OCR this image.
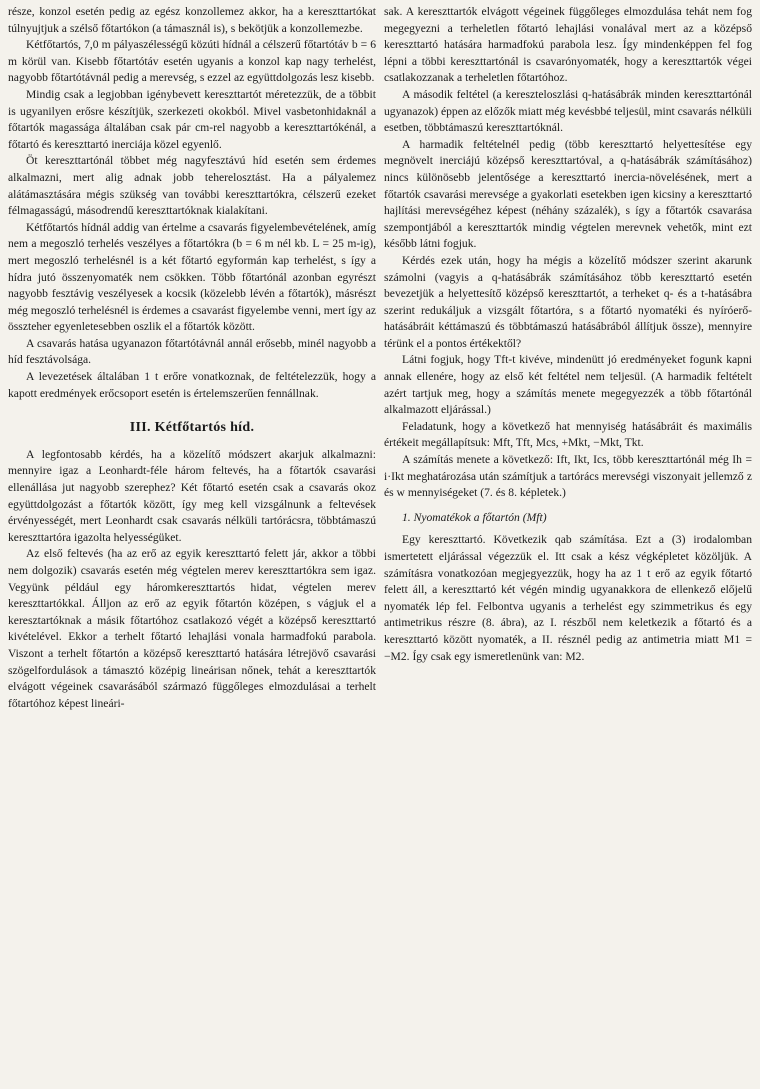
része, konzol esetén pedig az egész konzollemez akkor, ha a kereszttartókat túlnyujtjuk a szélső főtartókon (a támasznál is), s bekötjük a konzollemezbe.

Kétfőtartós, 7,0 m pályaszélességű közúti hídnál a célszerű főtartótáv b = 6 m körül van. Kisebb főtartótáv esetén ugyanis a konzol kap nagy terhelést, nagyobb főtartótávnál pedig a merevség, s ezzel az együttdolgozás lesz kisebb.

Mindig csak a legjobban igénybevett kereszttartót méretezzük, de a többit is ugyanilyen erősre készítjük, szerkezeti okokból. Mivel vasbetonhidaknál a főtartók magassága általában csak pár cm-rel nagyobb a kereszttartókénál, a főtartó és kereszttartó inerciája közel egyenlő.

Öt kereszttartónál többet még nagyfesztávú híd esetén sem érdemes alkalmazni, mert alig adnak jobb teherelosztást. Ha a pályalemez alátámasztására mégis szükség van további kereszttartókra, célszerű ezeket félmagasságú, másodrendű kereszttartóknak kialakítani.

Kétfőtartós hídnál addig van értelme a csavarás figyelembevételének, amíg nem a megoszló terhelés veszélyes a főtartókra (b = 6 m nél kb. L = 25 m-ig), mert megoszló terhelésnél is a két főtartó egyformán kap terhelést, s így a hídra jutó összenyomaték nem csökken. Több főtartónál azonban egyrészt nagyobb fesztávig veszélyesek a kocsik (közelebb lévén a főtartók), másrészt még megoszló terhelésnél is érdemes a csavarást figyelembe venni, mert így az összteher egyenletesebben oszlik el a főtartók között.

A csavarás hatása ugyanazon főtartótávnál annál erősebb, minél nagyobb a híd fesztávolsága.

A levezetések általában 1 t erőre vonatkoznak, de feltételezzük, hogy a kapott eredmények erőcsoport esetén is értelemszerűen fennállnak.

III. Kétfőtartós híd.

A legfontosabb kérdés, ha a közelítő módszert akarjuk alkalmazni: mennyire igaz a Leonhardt-féle három feltevés, ha a főtartók csavarási ellenállása jut nagyobb szerephez? Két főtartó esetén csak a csavarás okoz együttdolgozást a főtartók között, így meg kell vizsgálnunk a feltevések érvényességét, mert Leonhardt csak csavarás nélküli tartórácsra, többtámaszú kereszttartóra igazolta helyességüket.

Az első feltevés (ha az erő az egyik kereszttartó felett jár, akkor a többi nem dolgozik) csavarás esetén még végtelen merev kereszttartókra sem igaz. Vegyünk például egy háromkereszttartós hidat, végtelen merev kereszttartókkal. Álljon az erő az egyik főtartón középen, s vágjuk el a keresztartóknak a másik főtartóhoz csatlakozó végét a középső kereszttartó kivételével. Ekkor a terhelt főtartó lehajlási vonala harmadfokú parabola. Viszont a terhelt főtartón a középső kereszttartó hatására létrejövő csavarási szögelfordulások a támasztó középig lineárisan nőnek, tehát a kereszttartók elvágott végeinek csavarásából származó függőleges elmozdulásai a terhelt főtartóhoz képest lineári-

sak. A kereszttartók elvágott végeinek függőleges elmozdulása tehát nem fog megegyezni a terheletlen főtartó lehajlási vonalával mert az a középső kereszttartó hatására harmadfokú parabola lesz. Így mindenképpen fel fog lépni a többi kereszttartónál is csavarónyomaték, hogy a kereszttartók végei csatlakozzanak a terheletlen főtartóhoz.

A második feltétel (a kereszteloszlási q-hatásábrák minden kereszttartónál ugyanazok) éppen az előzők miatt még kevésbbé teljesül, mint csavarás nélküli esetben, többtámaszú kereszttartóknál.

A harmadik feltételnél pedig (több kereszttartó helyettesítése egy megnövelt inerciájú középső kereszttartóval, a q-hatásábrák számításához) nincs különösebb jelentősége a kereszttartó inercia-növelésének, mert a főtartók csavarási merevsége a gyakorlati esetekben igen kicsiny a kereszttartó hajlítási merevségéhez képest (néhány százalék), s így a főtartók csavarása szempontjából a kereszttartók mindig végtelen merevnek vehetők, mint ezt később látni fogjuk.

Kérdés ezek után, hogy ha mégis a közelítő módszer szerint akarunk számolni (vagyis a q-hatásábrák számításához több kereszttartó esetén bevezetjük a helyettesítő középső kereszttartót, a terheket q- és a t-hatásábra szerint redukáljuk a vizsgált főtartóra, s a főtartó nyomatéki és nyíróerő-hatásábráit kéttámaszú és többtámaszú hatásábrából állítjuk össze), mennyire térünk el a pontos értékektől?

Látni fogjuk, hogy Tft-t kivéve, mindenütt jó eredményeket fogunk kapni annak ellenére, hogy az első két feltétel nem teljesül. (A harmadik feltételt azért tartjuk meg, hogy a számítás menete megegyezzék a több főtartónál alkalmazott eljárással.)

Feladatunk, hogy a következő hat mennyiség hatásábráit és maximális értékeit megállapítsuk: Mft, Tft, Mcs, +Mkt, −Mkt, Tkt.

A számítás menete a következő: Ift, Ikt, Ics, több kereszttartónál még Ih = i·Ikt meghatározása után számítjuk a tartórács merevségi viszonyait jellemző z és w mennyiségeket (7. és 8. képletek.)

1. Nyomatékok a főtartón (Mft)

Egy kereszttartó. Következik qab számítása. Ezt a (3) irodalomban ismertetett eljárással végezzük el. Itt csak a kész végképletet közöljük. A számításra vonatkozóan megjegyezzük, hogy ha az 1 t erő az egyik főtartó felett áll, a kereszttartó két végén mindig ugyanakkora de ellenkező előjelű nyomaték lép fel. Felbontva ugyanis a terhelést egy szimmetrikus és egy antimetrikus részre (8. ábra), az I. részből nem keletkezik a főtartó és a kereszttartó között nyomaték, a II. résznél pedig az antimetria miatt M1 = −M2. Így csak egy ismeretlenünk van: M2.
